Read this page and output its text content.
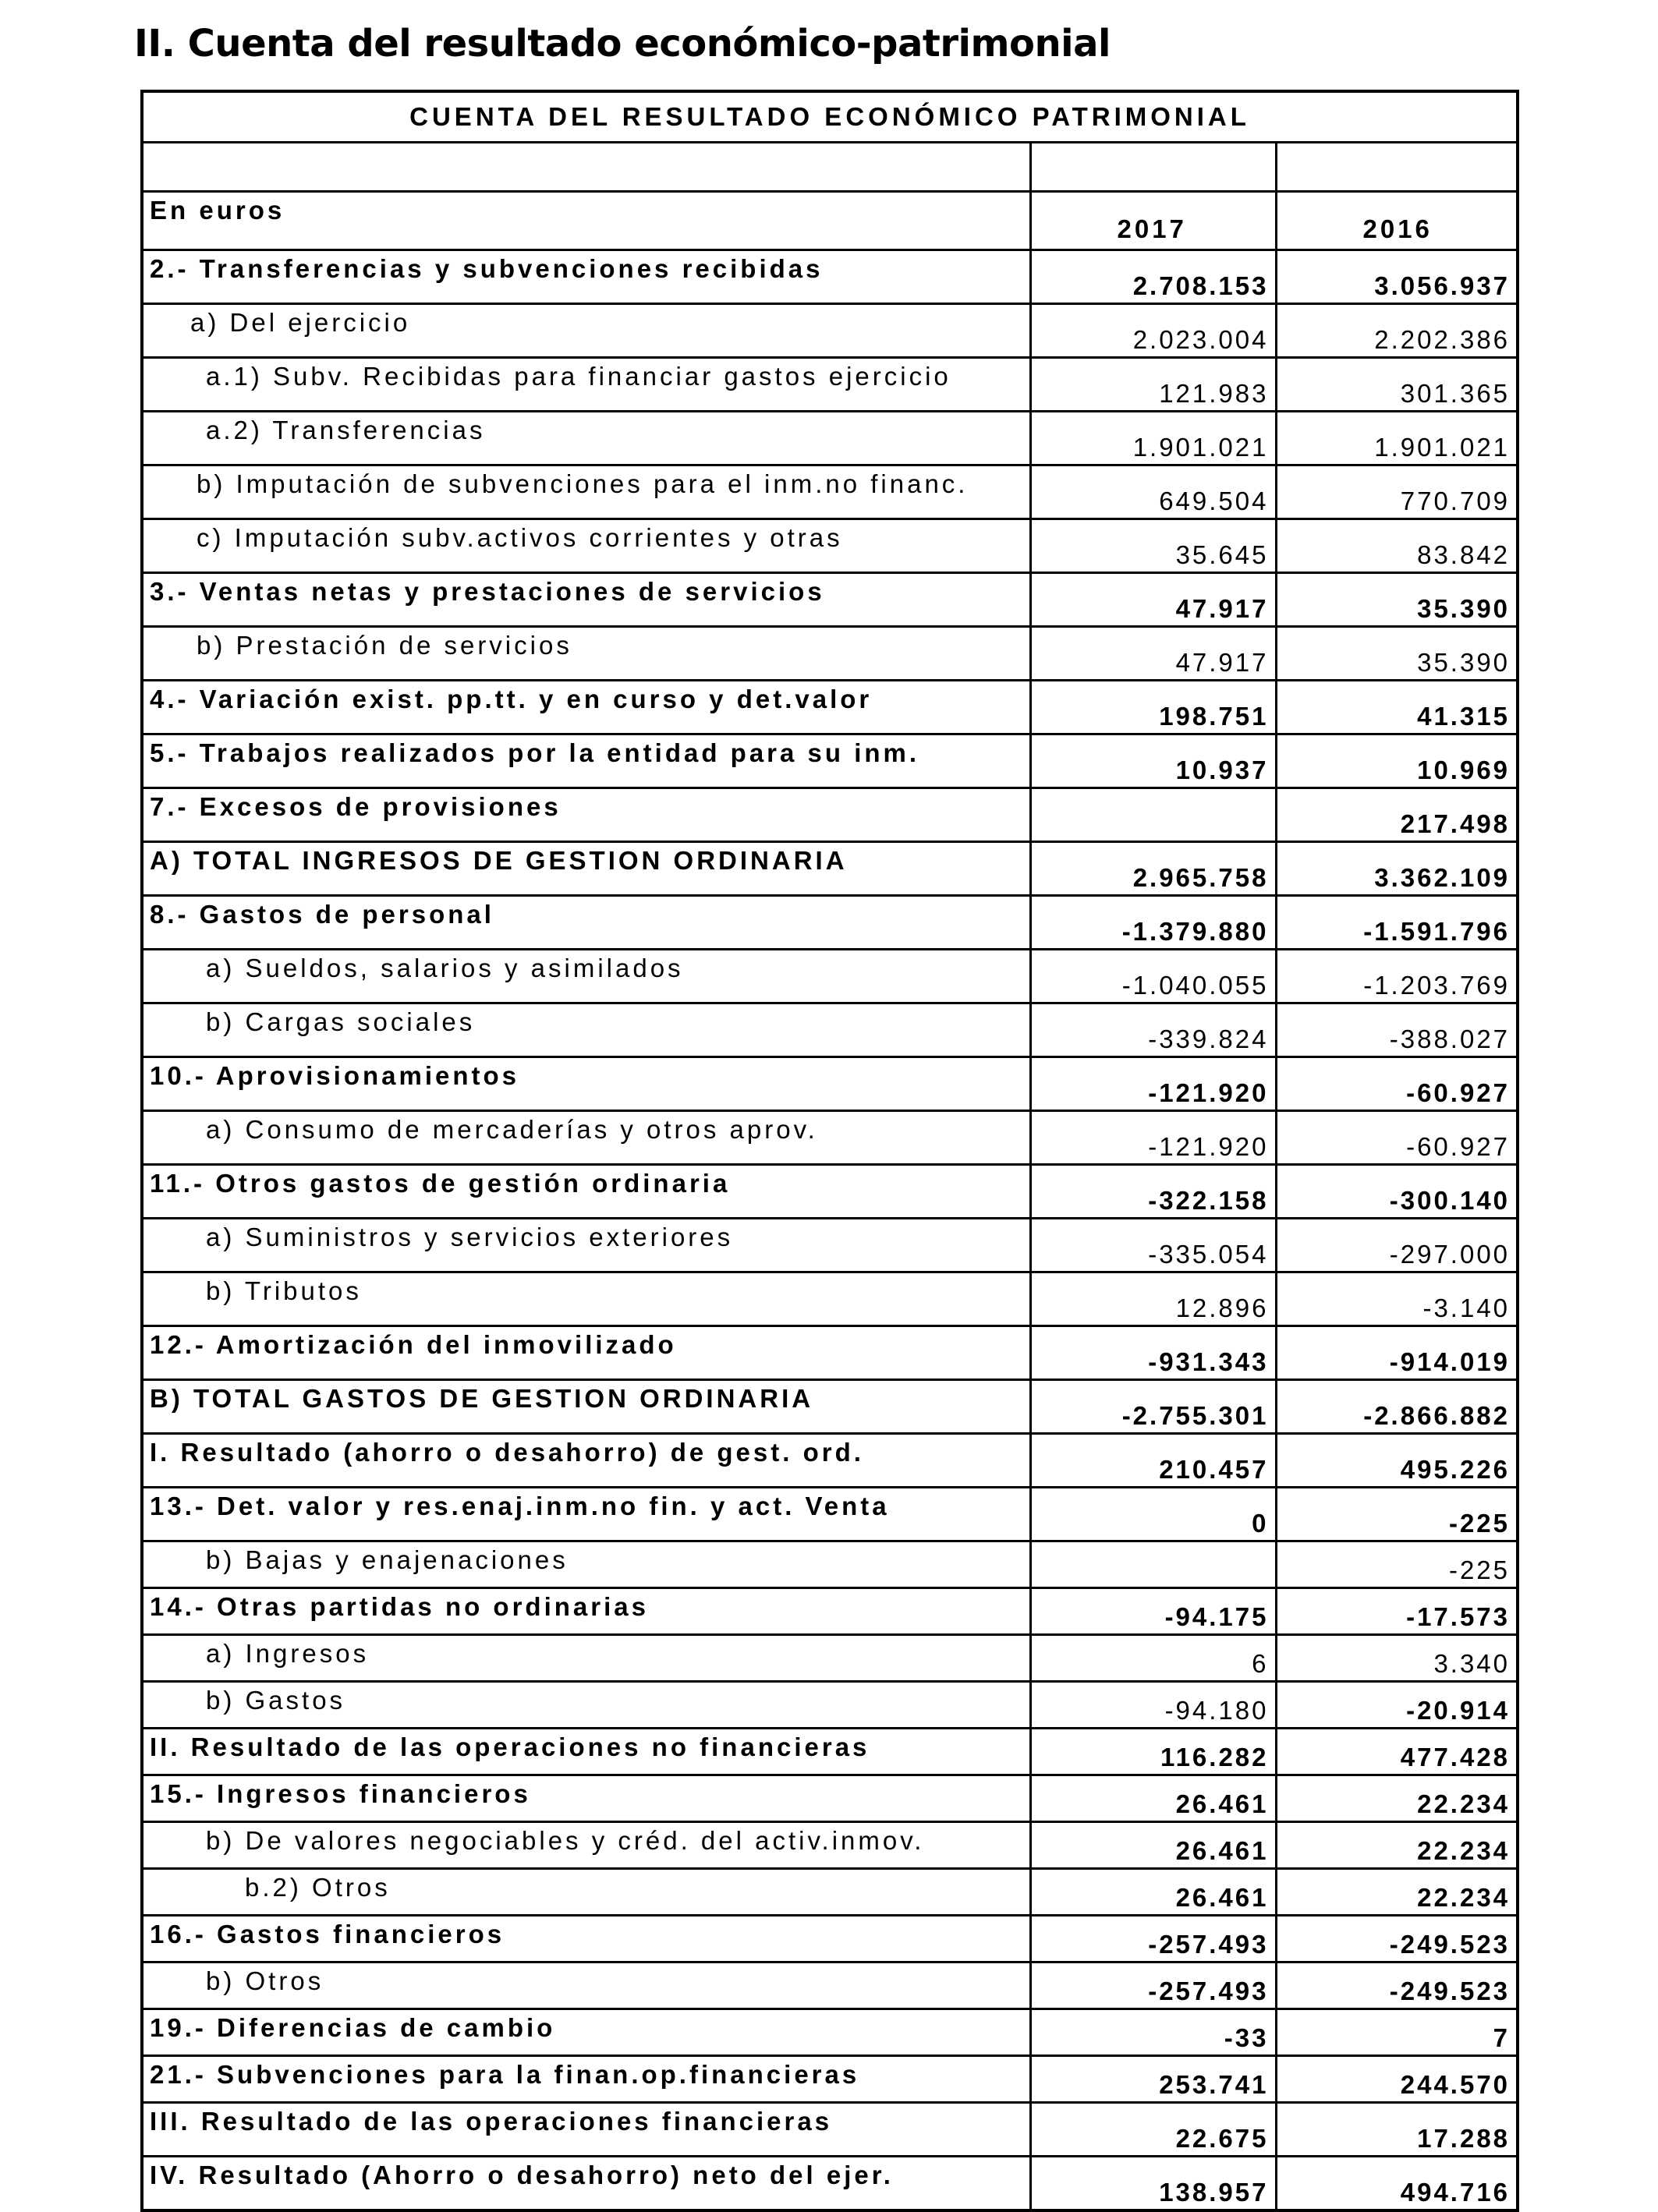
II. Cuenta del resultado económico-patrimonial
CUENTA DEL RESULTADO ECONÓMICO PATRIMONIAL		

En euros	2017	2016
2.- Transferencias y subvenciones recibidas	2.708.153	3.056.937
a) Del ejercicio	2.023.004	2.202.386
a.1) Subv. Recibidas para financiar gastos ejercicio	121.983	301.365
a.2) Transferencias	1.901.021	1.901.021
b) Imputación de subvenciones para el inm.no financ.	649.504	770.709
c) Imputación subv.activos corrientes y otras	35.645	83.842
3.- Ventas netas y prestaciones de servicios	47.917	35.390
b) Prestación de servicios	47.917	35.390
4.- Variación exist. pp.tt. y en curso y det.valor	198.751	41.315
5.- Trabajos realizados por la entidad para su inm.	10.937	10.969
7.- Excesos de provisiones		217.498
A) TOTAL INGRESOS DE GESTION ORDINARIA	2.965.758	3.362.109
8.- Gastos de personal	-1.379.880	-1.591.796
a) Sueldos, salarios y asimilados	-1.040.055	-1.203.769
b) Cargas sociales	-339.824	-388.027
10.- Aprovisionamientos	-121.920	-60.927
a) Consumo de mercaderías y otros aprov.	-121.920	-60.927
11.- Otros gastos de gestión ordinaria	-322.158	-300.140
a) Suministros y servicios exteriores	-335.054	-297.000
b) Tributos	12.896	-3.140
12.- Amortización del inmovilizado	-931.343	-914.019
B) TOTAL GASTOS DE GESTION ORDINARIA	-2.755.301	-2.866.882
I. Resultado (ahorro o desahorro) de gest. ord.	210.457	495.226
13.- Det. valor y res.enaj.inm.no fin. y act. Venta	0	-225
b) Bajas y enajenaciones		-225
14.- Otras partidas no ordinarias	-94.175	-17.573
a) Ingresos	6	3.340
b) Gastos	-94.180	-20.914
II. Resultado de las operaciones no financieras	116.282	477.428
15.- Ingresos financieros	26.461	22.234
b) De valores negociables y créd. del activ.inmov.	26.461	22.234
b.2) Otros	26.461	22.234
16.- Gastos financieros	-257.493	-249.523
b) Otros	-257.493	-249.523
19.- Diferencias de cambio	-33	7
21.- Subvenciones para la finan.op.financieras	253.741	244.570
III. Resultado de las operaciones financieras	22.675	17.288
IV. Resultado (Ahorro o desahorro) neto del ejer.	138.957	494.716
